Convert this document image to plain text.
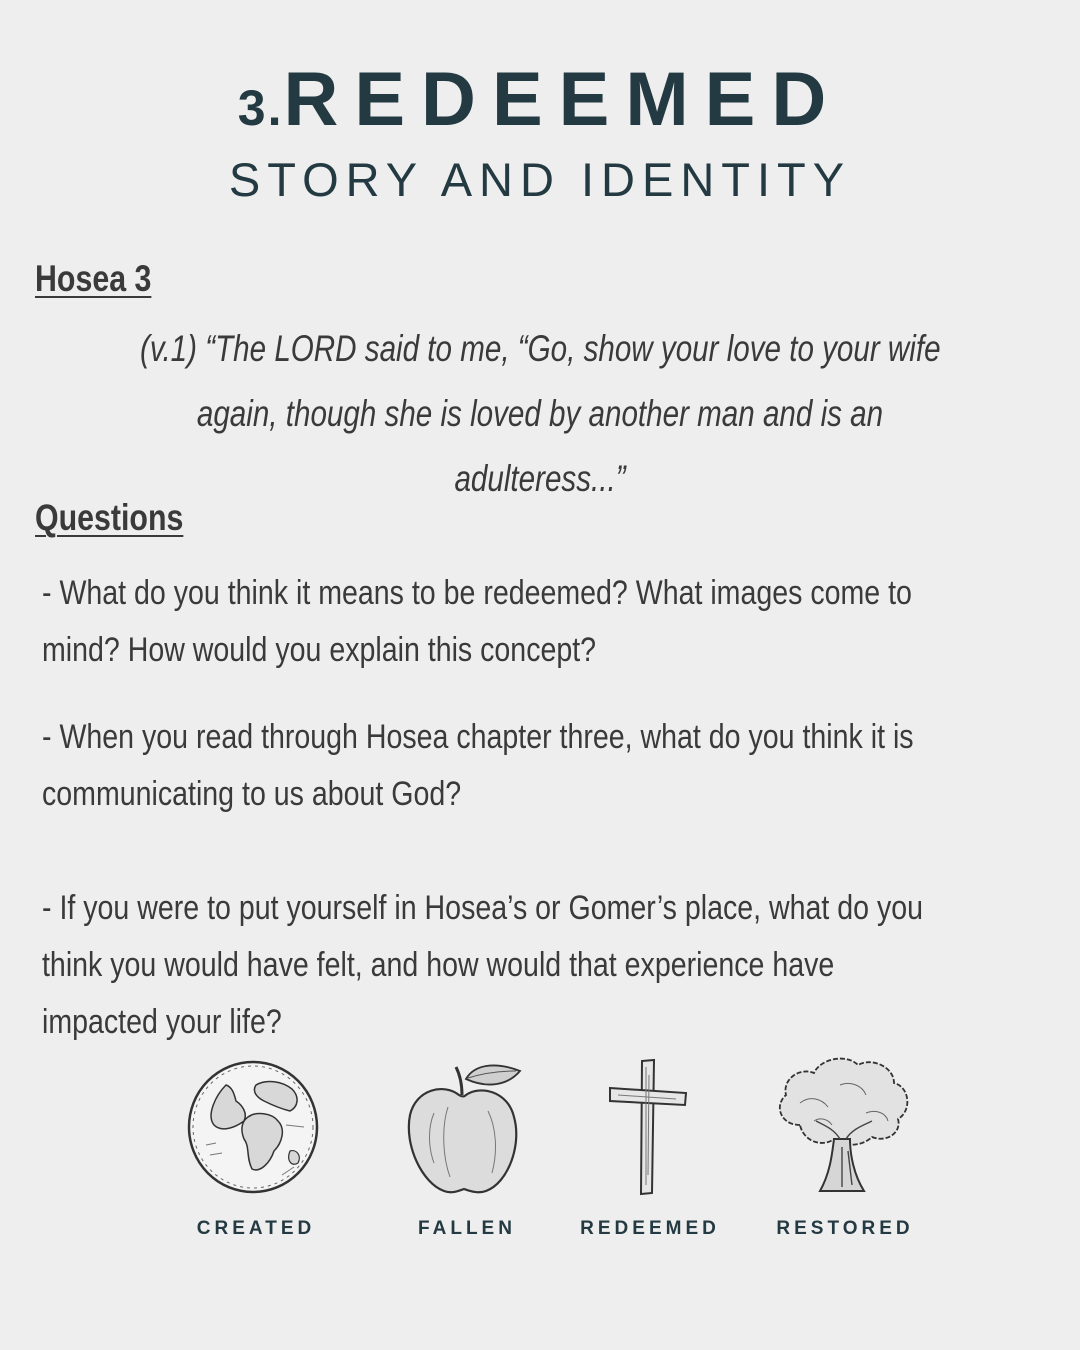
3.REDEEMED
STORY AND IDENTITY
Hosea 3
(v.1) “The LORD said to me, “Go, show your love to your wife
again, though she is loved by another man and is an
adulteress...”
Questions
- What do you think it means to be redeemed? What images come to
mind? How would you explain this concept?
- When you read through Hosea chapter three, what do you think it is
communicating to us about God?
- If you were to put yourself in Hosea’s or Gomer’s place, what do you
think you would have felt, and how would that experience have
impacted your life?
CREATED	FALLEN	REDEEMED	RESTORED
